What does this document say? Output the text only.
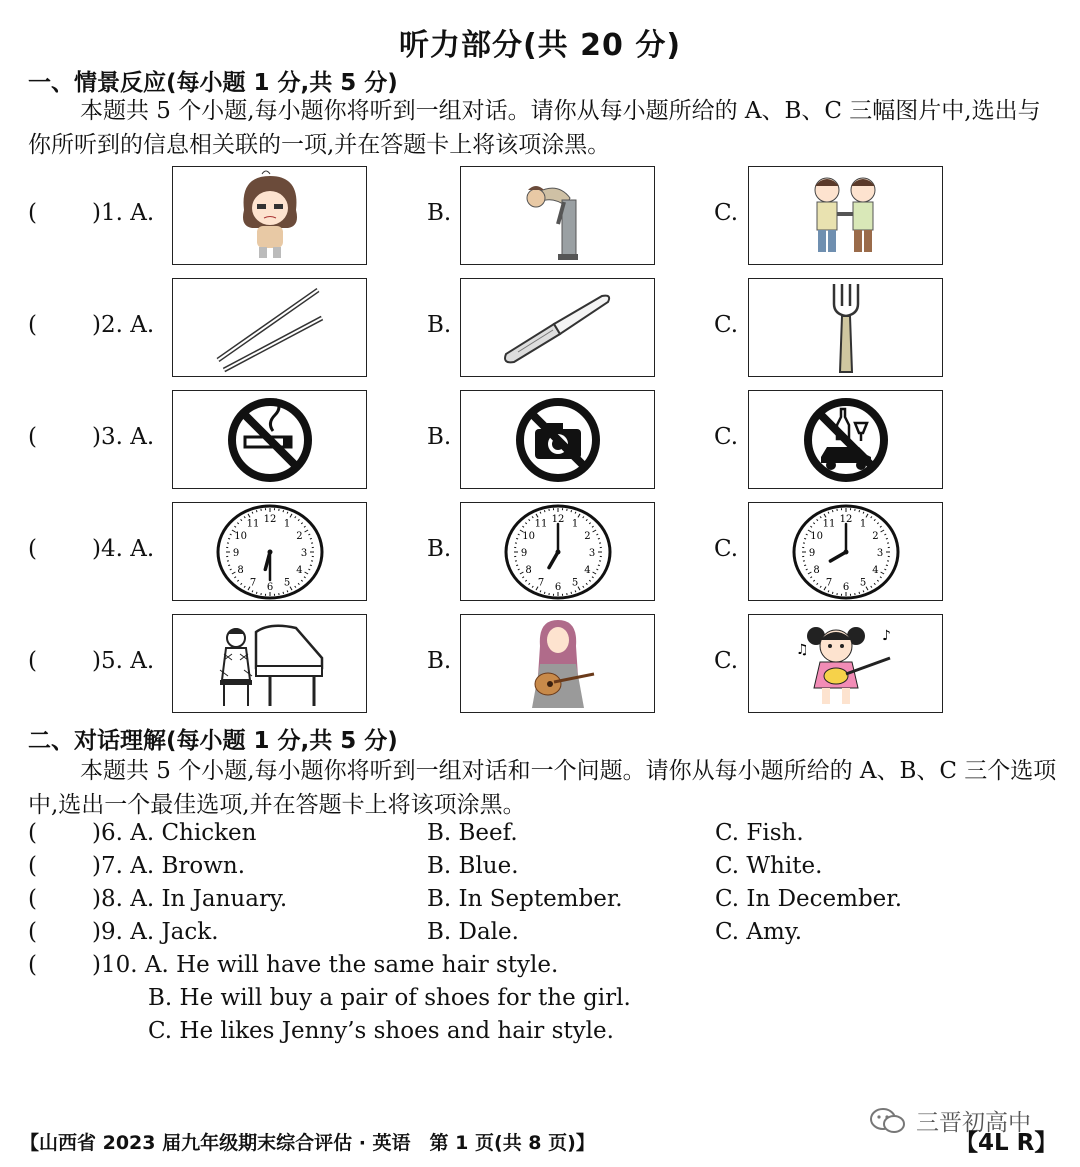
听力部分(共 20 分)
一、情景反应(每小题 1 分,共 5 分)
本题共 5 个小题,每小题你将听到一组对话。请你从每小题所给的 A、B、C 三幅图片中,选出与你所听到的信息相关联的一项,并在答题卡上将该项涂黑。
( )1. A.	B.	C.
( )2. A.	B.	C.
( )3. A.	B.	C.
( )4. A.	B.	C.
1
2
3
4
5
6
7
8
9
10
11 12	1
2
3
4
5
6
7
8
9
10
11 12	1
2
3
4
5
6
7
8
9
10
11 12
( )5. A.	B.	C.	♫
♪
二、对话理解(每小题 1 分,共 5 分)
本题共 5 个小题,每小题你将听到一组对话和一个问题。请你从每小题所给的 A、B、C 三个选项中,选出一个最佳选项,并在答题卡上将该项涂黑。
( )6. A. Chicken	B. Beef.	C. Fish.
( )7. A. Brown.	B. Blue.	C. White.
( )8. A. In January.	B. In September.	C. In December.
( )9. A. Jack.	B. Dale.	C. Amy.
( )10. A. He will have the same hair style.
B. He will buy a pair of shoes for the girl.
C. He likes Jenny’s shoes and hair style.
【山西省 2023 届九年级期末综合评估 · 英语　第 1 页(共 8 页)】
三晋初高中
【4L R】
